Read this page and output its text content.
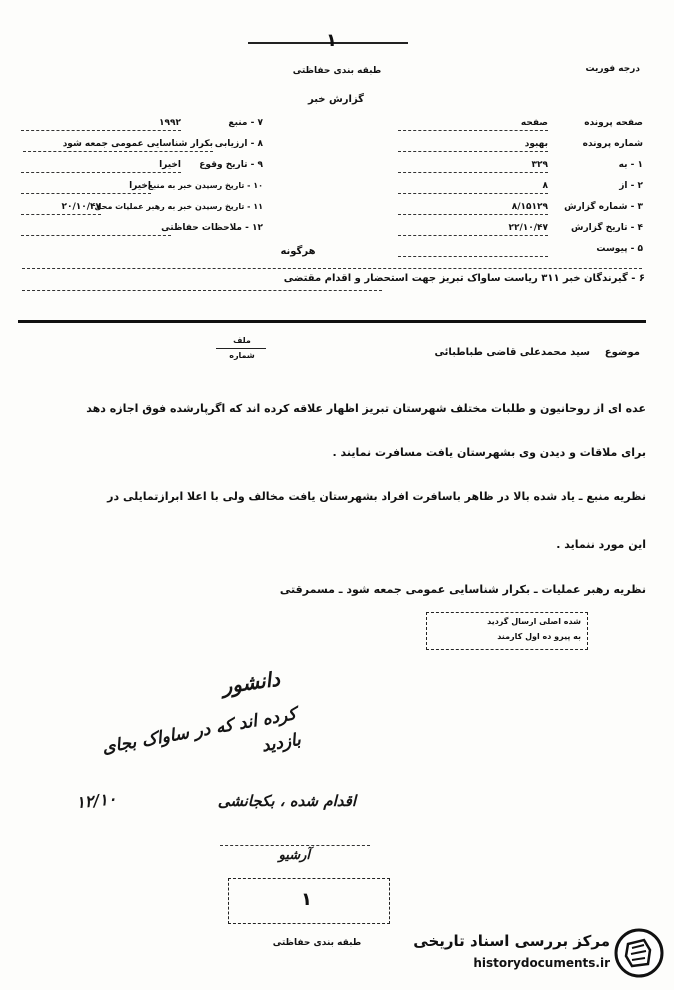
۱
طبقه بندی حفاظتی
گزارش خبر
درجه فوریت
صفحه پرونده
صفحه
شماره پرونده
بهبود
۱ - به
۳۲۹
۲ - از
۸
۳ - شماره گزارش
۸/۱۵۱۲۹
۴ - تاریخ گزارش
۲۲/۱۰/۴۷
۵ - پیوست
۷ - منبع
۱۹۹۲
۸ - ارزیابی
بکرار شناسایی عمومی جمعه شود
۹ - تاریخ وقوع
اخیرا
۱۰ - تاریخ رسیدن خبر به منبع
اخیرا
۱۱ - تاریخ رسیدن خبر به رهبر عملیات محل
۲۰/۱۰/۴۷
۱۲ - ملاحظات حفاظتی
هرگونه
۶ - گیرندگان خبر ۳۱۱ ریاست ساواک تبریز جهت استحضار و اقدام مقتضی
موضوع
سید محمدعلی قاضی طباطبائی
ملف
شماره
عده ای از روحانیون و طلبات مختلف شهرستان تبریز اظهار علاقه کرده اند که اگرپارشده فوق اجازه دهد
برای ملاقات و دیدن وی بشهرستان یافت مسافرت نمایند .
نظریه منبع ـ یاد شده بالا در ظاهر باسافرت افراد بشهرستان یافت مخالف ولی با اعلا ابرازتمایلی در
این مورد ننماید .
نظریه رهبر عملیات ـ بکرار شناسایی عمومی جمعه شود ـ مسمرقتی
شده اصلی ارسال گردید
به پیرو ده اول کارمند
دانشور
کرده اند که در ساواک بجای بازدید
اقدام شده ، بکجانشی
۱۲/۱۰
آرشیو
۱
طبقه بندی حفاظتی	مرکز بررسی اسناد تاریخی
historydocuments.ir
